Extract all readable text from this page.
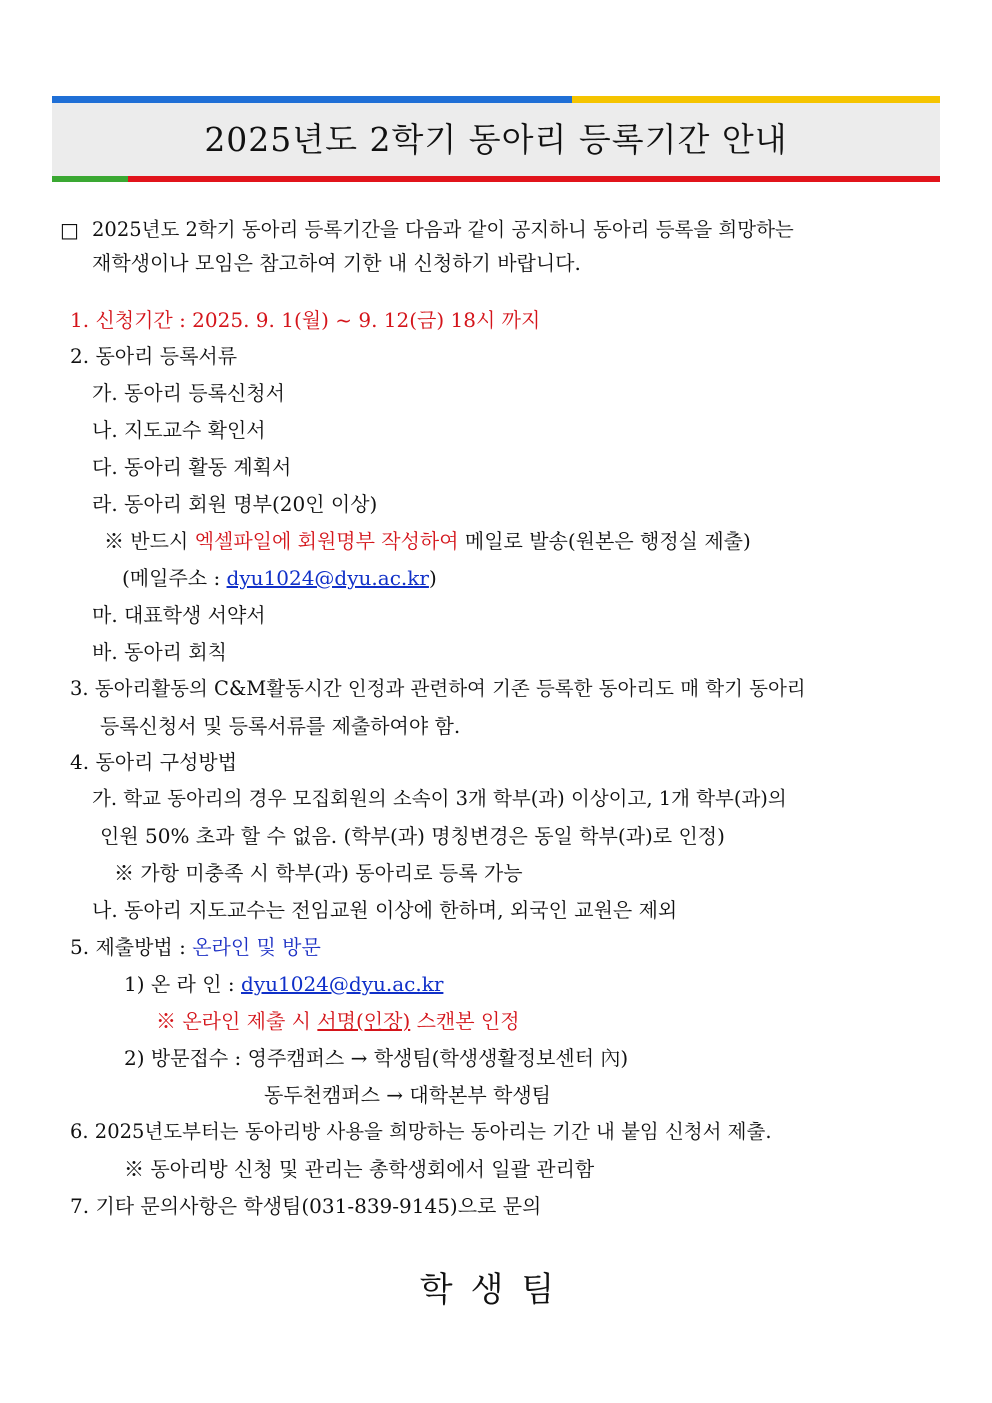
2025년도 2학기 동아리 등록기간 안내
□ 2025년도 2학기 동아리 등록기간을 다음과 같이 공지하니 동아리 등록을 희망하는
재학생이나 모임은 참고하여 기한 내 신청하기 바랍니다.
1. 신청기간 : 2025. 9. 1(월) ~ 9. 12(금) 18시 까지
2. 동아리 등록서류
가. 동아리 등록신청서
나. 지도교수 확인서
다. 동아리 활동 계획서
라. 동아리 회원 명부(20인 이상)
※ 반드시 엑셀파일에 회원명부 작성하여 메일로 발송(원본은 행정실 제출)
(메일주소 : dyu1024@dyu.ac.kr)
마. 대표학생 서약서
바. 동아리 회칙
3. 동아리활동의 C&M활동시간 인정과 관련하여 기존 등록한 동아리도 매 학기 동아리
등록신청서 및 등록서류를 제출하여야 함.
4. 동아리 구성방법
가. 학교 동아리의 경우 모집회원의 소속이 3개 학부(과) 이상이고, 1개 학부(과)의
인원 50% 초과 할 수 없음. (학부(과) 명칭변경은 동일 학부(과)로 인정)
※ 가항 미충족 시 학부(과) 동아리로 등록 가능
나. 동아리 지도교수는 전임교원 이상에 한하며, 외국인 교원은 제외
5. 제출방법 : 온라인 및 방문
1) 온 라 인 : dyu1024@dyu.ac.kr
※ 온라인 제출 시 서명(인장) 스캔본 인정
2) 방문접수 : 영주캠퍼스 → 학생팀(학생생활정보센터 內)
동두천캠퍼스 → 대학본부 학생팀
6. 2025년도부터는 동아리방 사용을 희망하는 동아리는 기간 내 붙임 신청서 제출.
※ 동아리방 신청 및 관리는 총학생회에서 일괄 관리함
7. 기타 문의사항은 학생팀(031-839-9145)으로 문의
학생팀
